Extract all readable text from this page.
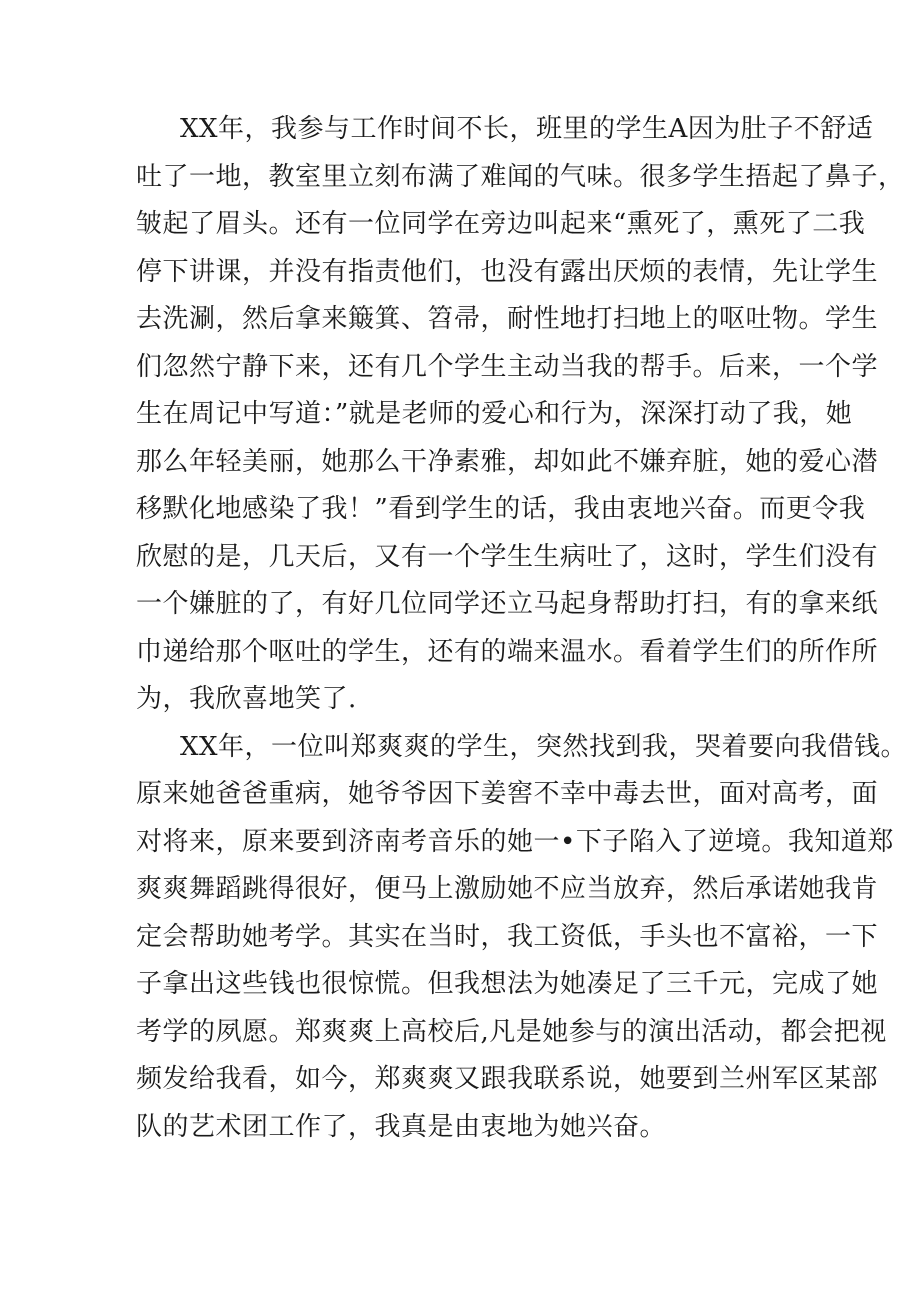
XX年，我参与工作时间不长，班里的学生A因为肚子不舒适
吐了一地，教室里立刻布满了难闻的气味。很多学生捂起了鼻子，
皱起了眉头。还有一位同学在旁边叫起来“熏死了，熏死了二我
停下讲课，并没有指责他们，也没有露出厌烦的表情，先让学生
去洗涮，然后拿来簸箕、笤帚，耐性地打扫地上的呕吐物。学生
们忽然宁静下来，还有几个学生主动当我的帮手。后来，一个学
生在周记中写道：”就是老师的爱心和行为，深深打动了我，她
那么年轻美丽，她那么干净素雅，却如此不嫌弃脏，她的爱心潜
移默化地感染了我！”看到学生的话，我由衷地兴奋。而更令我
欣慰的是，几天后，又有一个学生生病吐了，这时，学生们没有
一个嫌脏的了，有好几位同学还立马起身帮助打扫，有的拿来纸
巾递给那个呕吐的学生，还有的端来温水。看着学生们的所作所
为，我欣喜地笑了.
XX年，一位叫郑爽爽的学生，突然找到我，哭着要向我借钱。
原来她爸爸重病，她爷爷因下姜窖不幸中毒去世，面对高考，面
对将来，原来要到济南考音乐的她一•下子陷入了逆境。我知道郑
爽爽舞蹈跳得很好，便马上激励她不应当放弃，然后承诺她我肯
定会帮助她考学。其实在当时，我工资低，手头也不富裕，一下
子拿出这些钱也很惊慌。但我想法为她凑足了三千元，完成了她
考学的夙愿。郑爽爽上高校后,凡是她参与的演出活动，都会把视
频发给我看，如今，郑爽爽又跟我联系说，她要到兰州军区某部
队的艺术团工作了，我真是由衷地为她兴奋。
